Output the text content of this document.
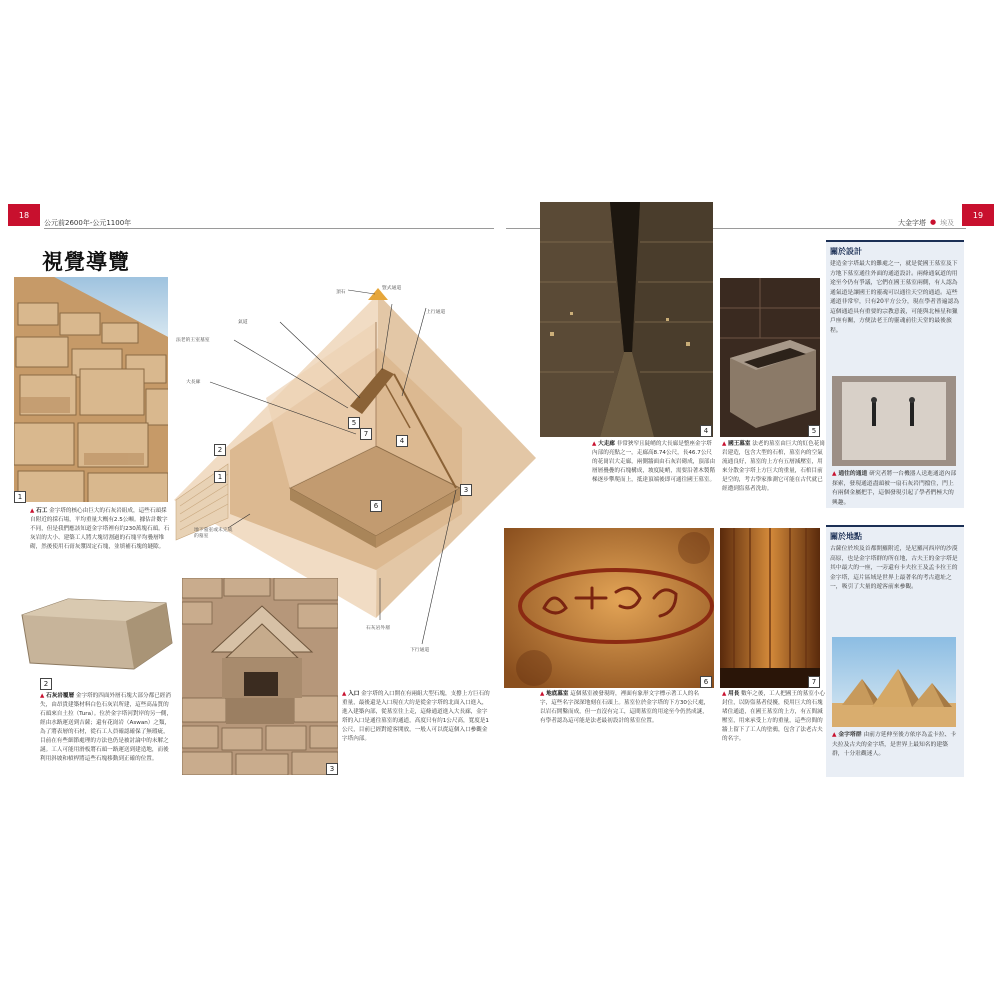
18
公元前2600年-公元1100年	大金字塔 ● 埃及
19
視覺導覽
1
▲ 石工 金字塔的核心由巨大的石灰岩組成，這些石頭採自附近的採石場，平均重量大概有2.5公噸。據估計數字不同，但是我們應該知道金字塔裡有約230萬塊石頭。石灰岩的大小、建築工人將大塊切割過的石塊平均疊層堆砌，然後使用石膏灰漿固定石塊，並填補石塊的縫隙。
2
▲ 石灰岩覆層 金字塔的四面外層石塊大部分都已經消失，由昂貴建築材料白色石灰岩所建，這些高品質的石頭來自土拉（Tura）。位於金字塔河對岸的另一側，經由水路運送到吉薩；還有花崗岩（Aswan）之類，為了將表層的石材，從石工人員確認確保了無瑕疵，目前在有些細節處理的方法也仍是被討論中的未解之謎。工人可能用滑板將石頭一路運送到建造地，而後利用斜坡和槓桿將這些石塊移動到正確的位置。
2
1
5
7
4
6
3
頂石
豎式通道
上行通道
氣道
法老的王室墓室
大長廊
地下墓室或未完成的墓室
石灰岩外層
下行通道
3
▲ 入口 金字塔的入口開在有兩組大型石塊，支撐上方巨石的重量，最後還是入口現在大約是從金字塔的北面入口進入，進入建築內部，從墓室往上走，這條通道進入大長廊，金字塔的入口是通往墓室的通道，高度只有約1公尺高，寬度是1公尺，目前已經對遊客開放，一般人可以從這個入口參觀金字塔內部。
4
▲ 大走廊 非常狹窄且陡峭的大長廊是整座金字塔內部的亮點之一，走廊高8.74公尺，長46.7公尺的花崗岩大走廊，兩側牆面由石灰岩砌成，頂部由層層疊疊的石塊構成，坡度陡峭，需要沿著木製階梯逐步攀爬而上，抵達頂端後即可通往國王墓室。
5
▲ 國王墓室 法老的墓室由巨大的紅色花崗岩建造，包含大型的石棺，墓室內的空氣流通良好，墓室的上方有五層減壓室，用來分散金字塔上方巨大的重量，石棺目前是空的，考古學家推測它可能在古代就已經遭到盜墓者洗劫。
6
▲ 地底墓室 這個墓室被發現時，裡面有象形文字標示著工人的名字，這些名字深深地刻在石頭上。墓室位於金字塔的下方30公尺處，以岩石開鑿而成，但一直沒有完工，這間墓室的用途至今仍然成謎，有學者認為這可能是法老最初設計的墓室位置。
7
▲ 用長 數年之後，工人把國王的墓室小心封住，以防盜墓者侵擾，使用巨大的石塊堵住通道，在國王墓室的上方，有五間減壓室，用來承受上方的重量，這些房間的牆上留下了工人的塗鴉，包含了法老古夫的名字。
關於設計
建造金字塔最大的難處之一，就是從國王墓室及下方地下墓室通往外面的通道設計。兩條通氣道的用途至今仍有爭議，它們在國王墓室兩側，有人認為通氣道是讓國王的靈魂可以通往天空的通道。這些通道非常窄，只有20平方公分，現在學者普遍認為這個通道具有重要的宗教意義，可能與北極星和獵戶座有關，方便法老王的靈魂前往天堂的最後旅程。
▲ 通往的通道 研究者將一台機器人送進通道內部探索，發現通道盡頭被一扇石灰岩門擋住，門上有兩個金屬把手，這個發現引起了學者們極大的興趣。
關於地點
古薩位於埃及首都開羅附近，是尼羅河西岸的沙漠高原，也是金字塔群的所在地，古夫王的金字塔是其中最大的一座，一旁還有卡夫拉王及孟卡拉王的金字塔，這片區域是世界上最著名的考古遺址之一，吸引了大量的遊客前來參觀。
▲ 金字塔群 由前方延伸至後方依序為孟卡拉、卡夫拉及古夫的金字塔，是世界上最知名的建築群，十分壯觀迷人。
